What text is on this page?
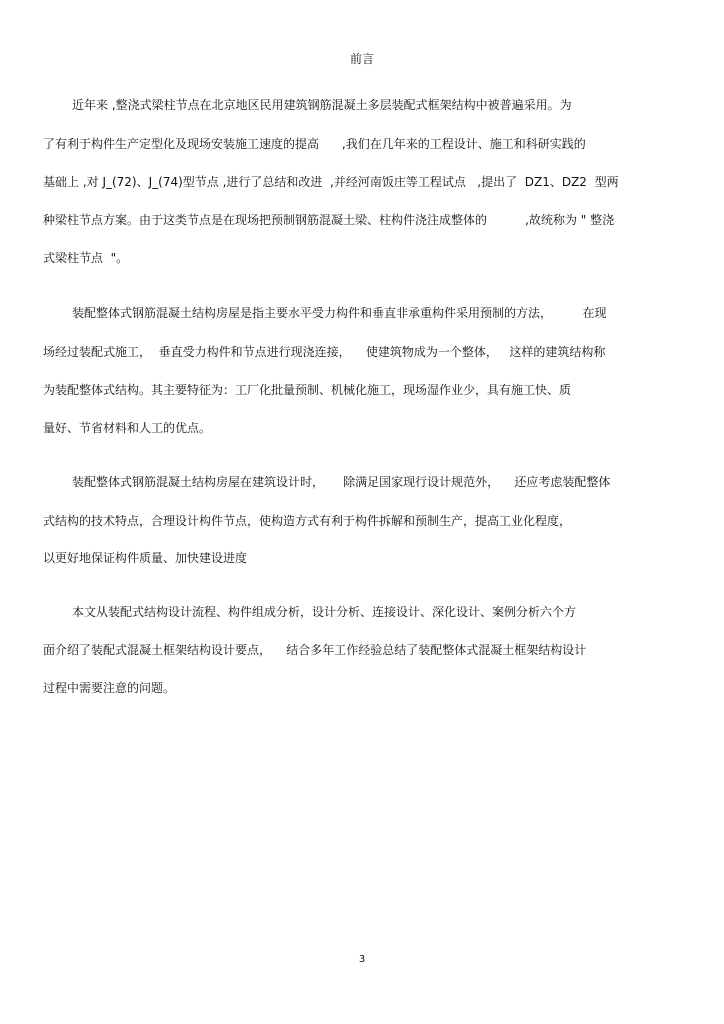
前言
近年来 ,整浇式梁柱节点在北京地区民用建筑钢筋混凝土多层装配式框架结构中被普遍采用。为
了有利于构件生产定型化及现场安装施工速度的提高      ,我们在几年来的工程设计、施工和科研实践的
基础上 ,对 J_(72)、J_(74)型节点 ,进行了总结和改进  ,并经河南饭庄等工程试点   ,提出了  DZ1、DZ2  型两
种梁柱节点方案。由于这类节点是在现场把预制钢筋混凝土梁、柱构件浇注成整体的          ,故统称为 " 整浇
式梁柱节点  "。
装配整体式钢筋混凝土结构房屋是指主要水平受力构件和垂直非承重构件采用预制的方法，        在现
场经过装配式施工，  垂直受力构件和节点进行现浇连接，    使建筑物成为一个整体，   这样的建筑结构称
为装配整体式结构。其主要特征为：工厂化批量预制、机械化施工，现场湿作业少，具有施工快、质
量好、节省材料和人工的优点。
装配整体式钢筋混凝土结构房屋在建筑设计时，     除满足国家现行设计规范外，    还应考虑装配整体
式结构的技术特点，合理设计构件节点，使构造方式有利于构件拆解和预制生产，提高工业化程度，
以更好地保证构件质量、加快建设进度
本文从装配式结构设计流程、构件组成分析，设计分析、连接设计、深化设计、案例分析六个方
面介绍了装配式混凝土框架结构设计要点，    结合多年工作经验总结了装配整体式混凝土框架结构设计
过程中需要注意的问题。
3
